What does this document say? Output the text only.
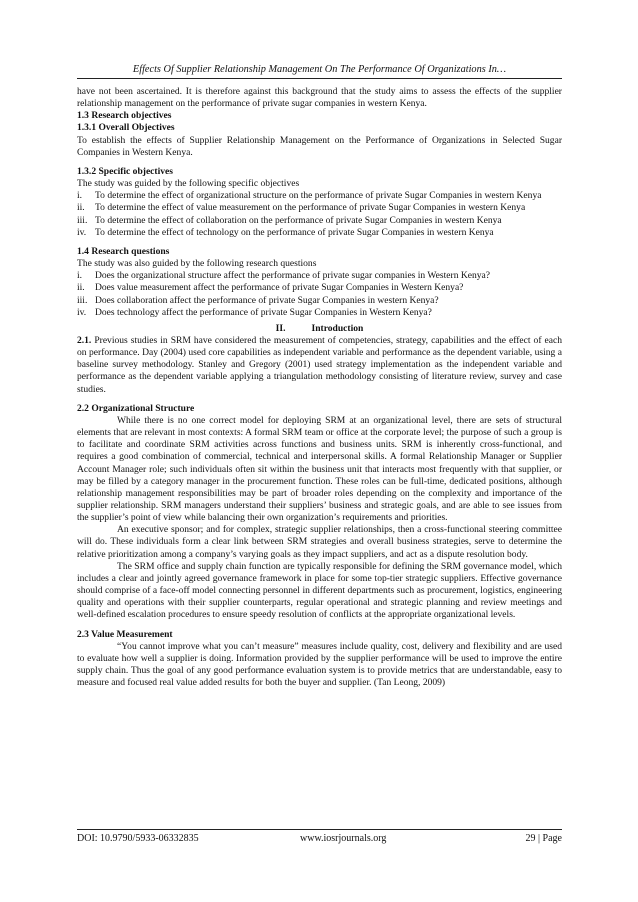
Effects Of Supplier Relationship Management On The Performance Of Organizations In…

have not been ascertained. It is therefore against this background that the study aims to assess the effects of the supplier relationship management on the performance of private sugar companies in western Kenya.

1.3 Research objectives

1.3.1 Overall Objectives

To establish the effects of Supplier Relationship Management on the Performance of Organizations in Selected Sugar Companies in Western Kenya.

1.3.2 Specific objectives

The study was guided by the following specific objectives

i.	To determine the effect of organizational structure on the performance of private Sugar Companies in western Kenya
ii.	To determine the effect of value measurement on the performance of private Sugar Companies in western Kenya
iii. To determine the effect of collaboration on the performance of private Sugar Companies in western Kenya
iv. To determine the effect of technology on the performance of private Sugar Companies in western Kenya

1.4 Research questions

The study was also guided by the following research questions

i.	Does the organizational structure affect the performance of private sugar companies in Western Kenya?
ii.	Does value measurement affect the performance of private Sugar Companies in Western Kenya?
iii. Does collaboration affect the performance of private Sugar Companies in western Kenya?
iv. Does technology affect the performance of private Sugar Companies in Western Kenya?

II.	Introduction

2.1. Previous studies in SRM have considered the measurement of competencies, strategy, capabilities and the effect of each on performance. Day (2004) used core capabilities as independent variable and performance as the dependent variable, using a baseline survey methodology. Stanley and Gregory (2001) used strategy implementation as the independent variable and performance as the dependent variable applying a triangulation methodology consisting of literature review, survey and case studies.

2.2 Organizational Structure

While there is no one correct model for deploying SRM at an organizational level, there are sets of structural elements that are relevant in most contexts: A formal SRM team or office at the corporate level; the purpose of such a group is to facilitate and coordinate SRM activities across functions and business units. SRM is inherently cross-functional, and requires a good combination of commercial, technical and interpersonal skills. A formal Relationship Manager or Supplier Account Manager role; such individuals often sit within the business unit that interacts most frequently with that supplier, or may be filled by a category manager in the procurement function. These roles can be full-time, dedicated positions, although relationship management responsibilities may be part of broader roles depending on the complexity and importance of the supplier relationship. SRM managers understand their suppliers’ business and strategic goals, and are able to see issues from the supplier’s point of view while balancing their own organization’s requirements and priorities.

An executive sponsor; and for complex, strategic supplier relationships, then a cross-functional steering committee will do. These individuals form a clear link between SRM strategies and overall business strategies, serve to determine the relative prioritization among a company’s varying goals as they impact suppliers, and act as a dispute resolution body.

The SRM office and supply chain function are typically responsible for defining the SRM governance model, which includes a clear and jointly agreed governance framework in place for some top-tier strategic suppliers. Effective governance should comprise of a face-off model connecting personnel in different departments such as procurement, logistics, engineering quality and operations with their supplier counterparts, regular operational and strategic planning and review meetings and well-defined escalation procedures to ensure speedy resolution of conflicts at the appropriate organizational levels.

2.3 Value Measurement

“You cannot improve what you can’t measure” measures include quality, cost, delivery and flexibility and are used to evaluate how well a supplier is doing. Information provided by the supplier performance will be used to improve the entire supply chain. Thus the goal of any good performance evaluation system is to provide metrics that are understandable, easy to measure and focused real value added results for both the buyer and supplier. (Tan Leong, 2009)

DOI: 10.9790/5933-06332835	www.iosrjournals.org	29 | Page
